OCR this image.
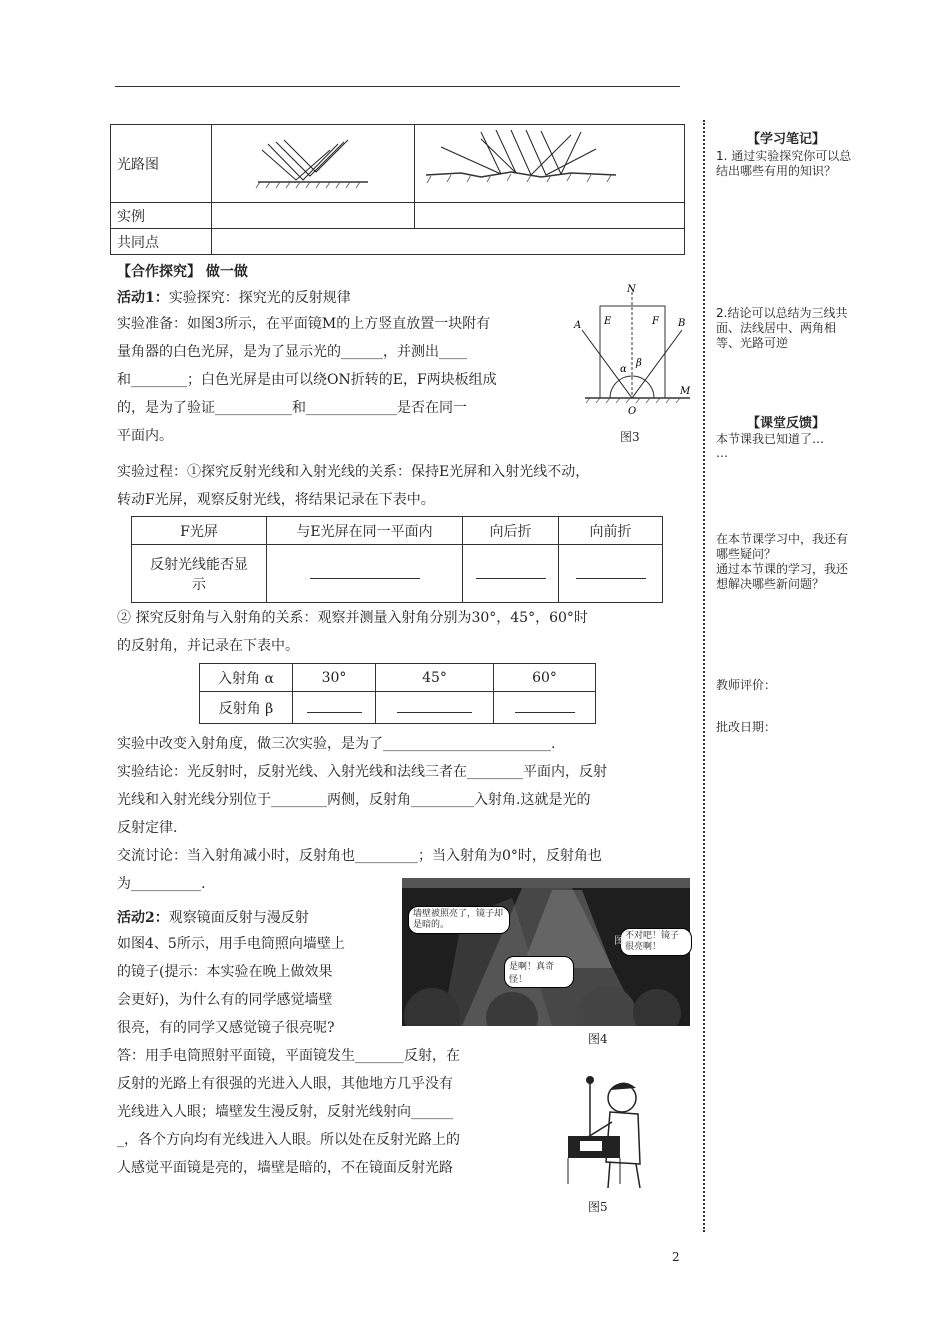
光路图		
实例		
共同点		
【合作探究】 做一做
活动1：实验探究：探究光的反射规律
实验准备：如图3所示，在平面镜M的上方竖直放置一块附有
量角器的白色光屏，是为了显示光的______，并测出____
和________；白色光屏是由可以绕ON折转的E，F两块板组成
的，是为了验证___________和_____________是否在同一
平面内。
N
A E	F B
α
β
O
M
图3
实验过程：①探究反射光线和入射光线的关系：保持E光屏和入射光线不动，
转动F光屏，观察反射光线，将结果记录在下表中。
F光屏	与E光屏在同一平面内	向后折	向前折

反射光线能否显
示			

② 探究反射角与入射角的关系：观察并测量入射角分别为30°，45°，60°时
的反射角，并记录在下表中。
入射角 α	30°	45°	60°
反射角 β			
实验中改变入射角度，做三次实验，是为了________________________.
实验结论：光反射时，反射光线、入射光线和法线三者在________平面内，反射
光线和入射光线分别位于________两侧，反射角_________入射角.这就是光的
反射定律.
交流讨论：当入射角减小时，反射角也_________；当入射角为0°时，反射角也
为__________.
活动2：观察镜面反射与漫反射
如图4、5所示，用手电筒照向墙壁上
的镜子(提示：本实验在晚上做效果
会更好)，为什么有的同学感觉墙壁
很亮，有的同学又感觉镜子很亮呢?
答：用手电筒照射平面镜，平面镜发生_______反射，在
反射的光路上有很强的光进入人眼，其他地方几乎没有
光线进入人眼；墙壁发生漫反射，反射光线射向______
_，各个方向均有光线进入人眼。所以处在反射光路上的
人感觉平面镜是亮的，墙壁是暗的，不在镜面反射光路
墙壁被照亮了，镜子却是暗的。
是啊！真奇怪！
不对吧！镜子很亮啊！
图
图4
图5
【学习笔记】
1. 通过实验探究你可以总结出哪些有用的知识？
2.结论可以总结为三线共面、法线居中、两角相等、光路可逆
【课堂反馈】
本节课我已知道了…
…
在本节课学习中，我还有哪些疑问？
通过本节课的学习，我还想解决哪些新问题？
教师评价：
批改日期：
2
